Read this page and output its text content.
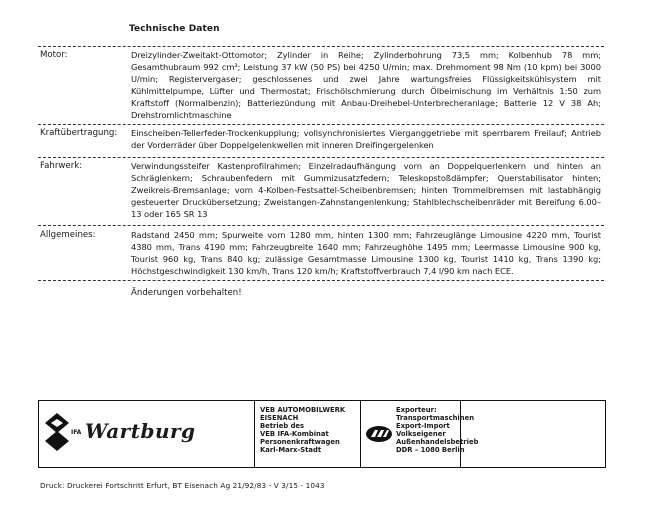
Technische Daten
Motor:	Dreizylinder-Zweitakt-Ottomotor; Zylinder in Reihe; Zylinderbohrung 73,5 mm; Kolbenhub 78 mm; Gesamthubraum 992 cm³; Leistung 37 kW (50 PS) bei 4250 U/min; max. Drehmoment 98 Nm (10 kpm) bei 3000 U/min; Registervergaser; geschlossenes und zwei Jahre wartungsfreies Flüssigkeitskühlsystem mit Kühlmittelpumpe, Lüfter und Thermostat; Frischölschmierung durch Ölbeimischung im Verhältnis 1:50 zum Kraftstoff (Normalbenzin); Batteriezündung mit Anbau-Dreihebel-Unterbrecheranlage; Batterie 12 V 38 Ah; Drehstromlichtmaschine
Kraftübertragung: Einscheiben-Tellerfeder-Trockenkupplung; vollsynchronisiertes Vierganggetriebe mit sperrbarem Freilauf; Antrieb der Vorderräder über Doppelgelenkwellen mit inneren Dreifingergelenken
Fahrwerk:	Verwindungssteifer Kastenprofilrahmen; Einzelradaufhängung vorn an Doppelquerlenkern und hinten an Schräglenkern; Schraubenfedern mit Gummizusatzfedern; Teleskopstoßdämpfer; Querstabilisator hinten; Zweikreis-Bremsanlage; vorn 4-Kolben-Festsattel-Scheibenbremsen; hinten Trommelbremsen mit lastabhängig gesteuerter Druckübersetzung; Zweistangen-Zahnstangenlenkung; Stahlblechscheibenräder mit Bereifung 6.00–13 oder 165 SR 13
Allgemeines:	Radstand 2450 mm; Spurweite vorn 1280 mm, hinten 1300 mm; Fahrzeuglänge Limousine 4220 mm, Tourist 4380 mm, Trans 4190 mm; Fahrzeugbreite 1640 mm; Fahrzeughöhe 1495 mm; Leermasse Limousine 900 kg, Tourist 960 kg, Trans 840 kg; zulässige Gesamtmasse Limousine 1300 kg, Tourist 1410 kg, Trans 1390 kg; Höchstgeschwindigkeit 130 km/h, Trans 120 km/h; Kraftstoffverbrauch 7,4 l/90 km nach ECE.
Änderungen vorbehalten!
IFA Wartburg
VEB AUTOMOBILWERK
EISENACH
Betrieb des
VEB IFA-Kombinat
Personenkraftwagen
Karl-Marx-Stadt
Exporteur:
Transportmaschinen
Export-Import
Volkseigener
Außenhandelsbetrieb
DDR – 1080 Berlin
Druck: Druckerei Fortschritt Erfurt, BT Eisenach Ag 21/92/83 - V 3/15 - 1043
